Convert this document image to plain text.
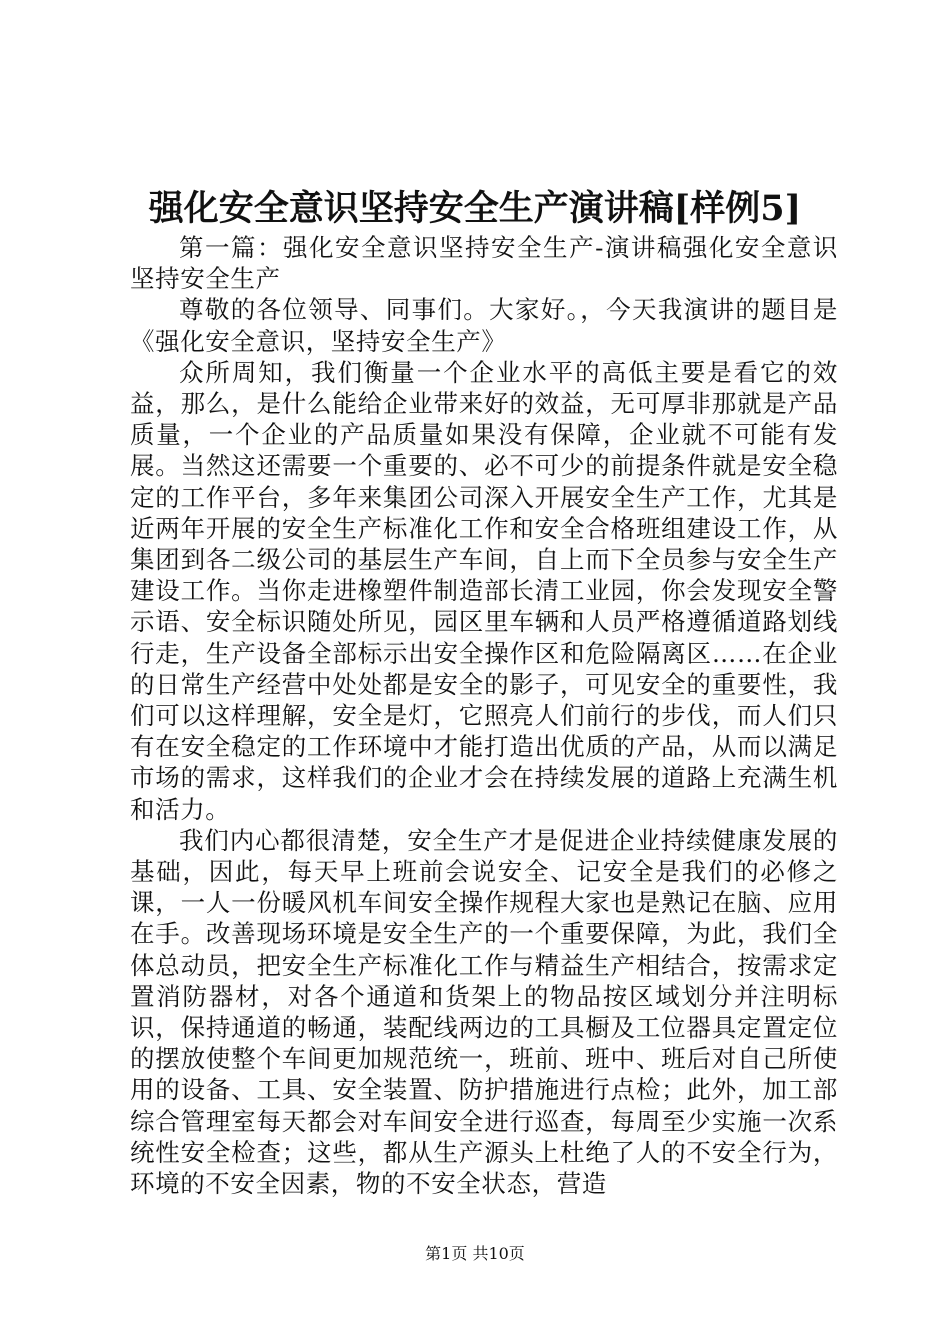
强化安全意识坚持安全生产演讲稿[样例5]

第一篇：强化安全意识坚持安全生产-演讲稿强化安全意识坚持安全生产

尊敬的各位领导、同事们。大家好。，今天我演讲的题目是《强化安全意识，坚持安全生产》

众所周知，我们衡量一个企业水平的高低主要是看它的效益，那么，是什么能给企业带来好的效益，无可厚非那就是产品质量，一个企业的产品质量如果没有保障，企业就不可能有发展。当然这还需要一个重要的、必不可少的前提条件就是安全稳定的工作平台，多年来集团公司深入开展安全生产工作，尤其是近两年开展的安全生产标准化工作和安全合格班组建设工作，从集团到各二级公司的基层生产车间，自上而下全员参与安全生产建设工作。当你走进橡塑件制造部长清工业园，你会发现安全警示语、安全标识随处所见，园区里车辆和人员严格遵循道路划线行走，生产设备全部标示出安全操作区和危险隔离区……在企业的日常生产经营中处处都是安全的影子，可见安全的重要性，我们可以这样理解，安全是灯，它照亮人们前行的步伐，而人们只有在安全稳定的工作环境中才能打造出优质的产品，从而以满足市场的需求，这样我们的企业才会在持续发展的道路上充满生机和活力。

我们内心都很清楚，安全生产才是促进企业持续健康发展的基础，因此，每天早上班前会说安全、记安全是我们的必修之课，一人一份暖风机车间安全操作规程大家也是熟记在脑、应用在手。改善现场环境是安全生产的一个重要保障，为此，我们全体总动员，把安全生产标准化工作与精益生产相结合，按需求定置消防器材，对各个通道和货架上的物品按区域划分并注明标识，保持通道的畅通，装配线两边的工具橱及工位器具定置定位的摆放使整个车间更加规范统一，班前、班中、班后对自己所使用的设备、工具、安全装置、防护措施进行点检；此外，加工部综合管理室每天都会对车间安全进行巡查，每周至少实施一次系统性安全检查；这些，都从生产源头上杜绝了人的不安全行为，环境的不安全因素，物的不安全状态，营造

第1页 共10页
